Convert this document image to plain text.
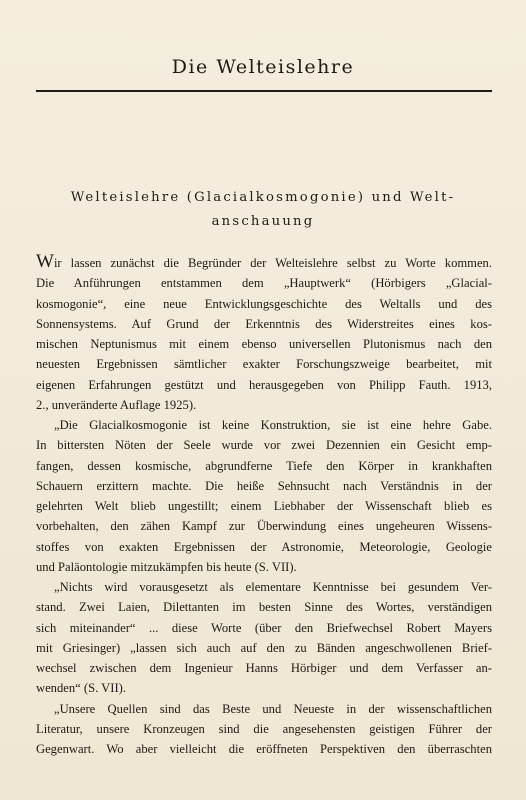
Die Welteislehre
Welteislehre (Glacialkosmogonie) und Welt-
anschauung
Wir lassen zunächst die Begründer der Welteislehre selbst zu Worte kommen.
Die Anführungen entstammen dem „Hauptwerk“ (Hörbigers „Glacial-
kosmogonie“, eine neue Entwicklungsgeschichte des Weltalls und des
Sonnensystems. Auf Grund der Erkenntnis des Widerstreites eines kos-
mischen Neptunismus mit einem ebenso universellen Plutonismus nach den
neuesten Ergebnissen sämtlicher exakter Forschungszweige bearbeitet, mit
eigenen Erfahrungen gestützt und herausgegeben von Philipp Fauth. 1913,
2., unveränderte Auflage 1925).
„Die Glacialkosmogonie ist keine Konstruktion, sie ist eine hehre Gabe.
In bittersten Nöten der Seele wurde vor zwei Dezennien ein Gesicht emp-
fangen, dessen kosmische, abgrundferne Tiefe den Körper in krankhaften
Schauern erzittern machte. Die heiße Sehnsucht nach Verständnis in der
gelehrten Welt blieb ungestillt; einem Liebhaber der Wissenschaft blieb es
vorbehalten, den zähen Kampf zur Überwindung eines ungeheuren Wissens-
stoffes von exakten Ergebnissen der Astronomie, Meteorologie, Geologie
und Paläontologie mitzukämpfen bis heute (S. VII).
„Nichts wird vorausgesetzt als elementare Kenntnisse bei gesundem Ver-
stand. Zwei Laien, Dilettanten im besten Sinne des Wortes, verständigen
sich miteinander“ ... diese Worte (über den Briefwechsel Robert Mayers
mit Griesinger) „lassen sich auch auf den zu Bänden angeschwollenen Brief-
wechsel zwischen dem Ingenieur Hanns Hörbiger und dem Verfasser an-
wenden“ (S. VII).
„Unsere Quellen sind das Beste und Neueste in der wissenschaftlichen
Literatur, unsere Kronzeugen sind die angesehensten geistigen Führer der
Gegenwart. Wo aber vielleicht die eröffneten Perspektiven den überraschten
